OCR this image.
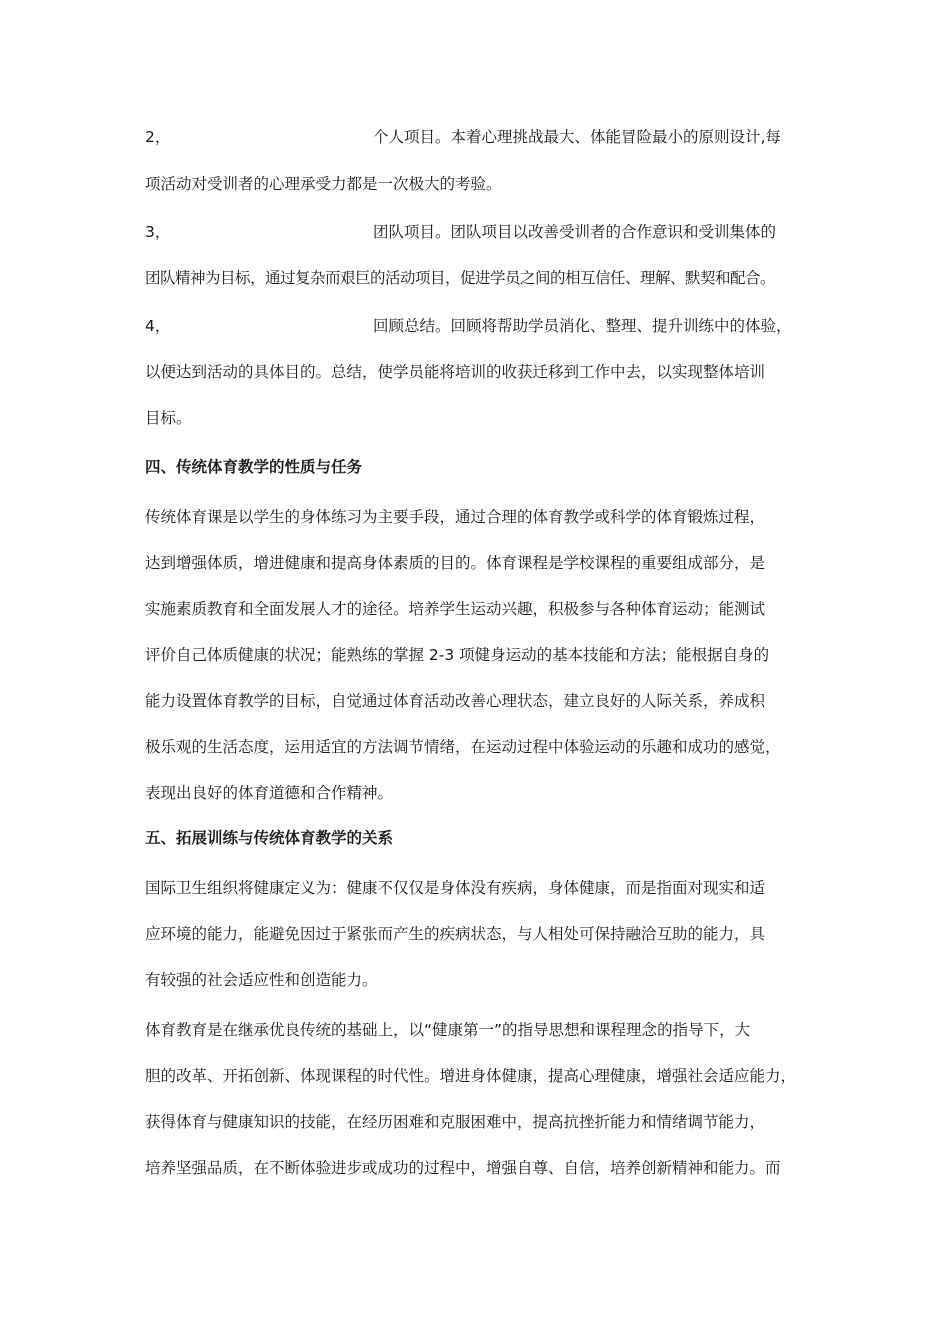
2，	个人项目。本着心理挑战最大、体能冒险最小的原则设计,每
项活动对受训者的心理承受力都是一次极大的考验。
3，	团队项目。团队项目以改善受训者的合作意识和受训集体的
团队精神为目标，通过复杂而艰巨的活动项目，促进学员之间的相互信任、理解、默契和配合。
4，	回顾总结。回顾将帮助学员消化、整理、提升训练中的体验，
以便达到活动的具体目的。总结，使学员能将培训的收获迁移到工作中去，以实现整体培训
目标。
四、传统体育教学的性质与任务
传统体育课是以学生的身体练习为主要手段，通过合理的体育教学或科学的体育锻炼过程，
达到增强体质，增进健康和提高身体素质的目的。体育课程是学校课程的重要组成部分，是
实施素质教育和全面发展人才的途径。培养学生运动兴趣，积极参与各种体育运动；能测试
评价自己体质健康的状况；能熟练的掌握 2-3 项健身运动的基本技能和方法；能根据自身的
能力设置体育教学的目标，自觉通过体育活动改善心理状态，建立良好的人际关系，养成积
极乐观的生活态度，运用适宜的方法调节情绪，在运动过程中体验运动的乐趣和成功的感觉，
表现出良好的体育道德和合作精神。
五、拓展训练与传统体育教学的关系
国际卫生组织将健康定义为：健康不仅仅是身体没有疾病，身体健康，而是指面对现实和适
应环境的能力，能避免因过于紧张而产生的疾病状态，与人相处可保持融洽互助的能力，具
有较强的社会适应性和创造能力。
体育教育是在继承优良传统的基础上，以“健康第一”的指导思想和课程理念的指导下，大
胆的改革、开拓创新、体现课程的时代性。增进身体健康，提高心理健康，增强社会适应能力，
获得体育与健康知识的技能，在经历困难和克服困难中，提高抗挫折能力和情绪调节能力，
培养坚强品质，在不断体验进步或成功的过程中，增强自尊、自信，培养创新精神和能力。而
